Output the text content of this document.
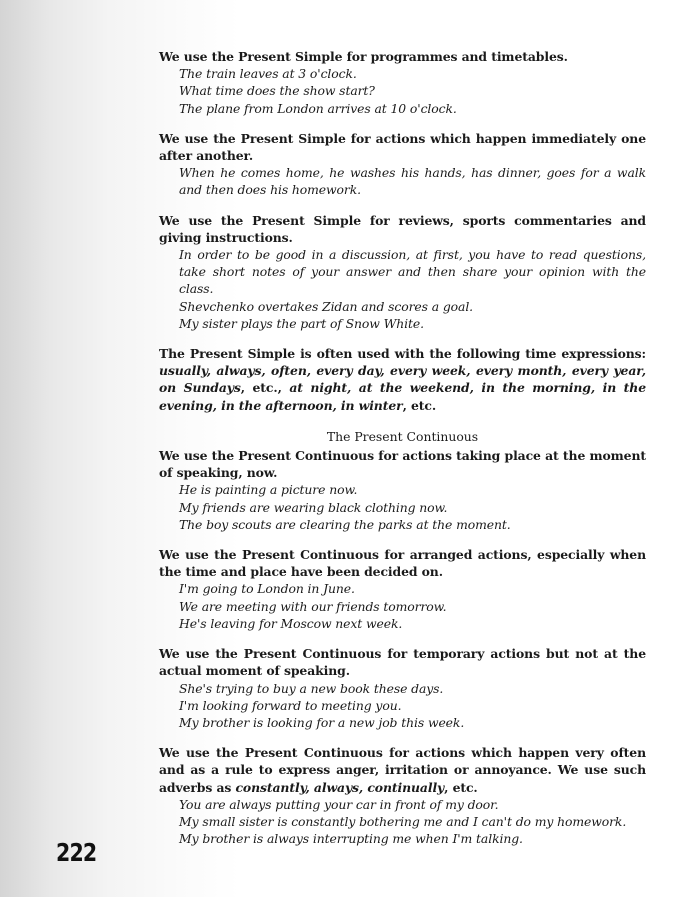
We use the Present Simple for programmes and timetables.

The train leaves at 3 o'clock.

What time does the show start?

The plane from London arrives at 10 o'clock.

We use the Present Simple for actions which happen immediately one after another.

When he comes home, he washes his hands, has dinner, goes for a walk and then does his homework.

We use the Present Simple for reviews, sports commentaries and giving instructions.

In order to be good in a discussion, at first, you have to read questions, take short notes of your answer and then share your opinion with the class.

Shevchenko overtakes Zidan and scores a goal.

My sister plays the part of Snow White.

The Present Simple is often used with the following time expressions: usually, always, often, every day, every week, every month, every year, on Sundays, etc., at night, at the weekend, in the morning, in the evening, in the afternoon, in winter, etc.

The Present Continuous

We use the Present Continuous for actions taking place at the moment of speaking, now.

He is painting a picture now.

My friends are wearing black clothing now.

The boy scouts are clearing the parks at the moment.

We use the Present Continuous for arranged actions, especially when the time and place have been decided on.

I'm going to London in June.

We are meeting with our friends tomorrow.

He's leaving for Moscow next week.

We use the Present Continuous for temporary actions but not at the actual moment of speaking.

She's trying to buy a new book these days.

I'm looking forward to meeting you.

My brother is looking for a new job this week.

We use the Present Continuous for actions which happen very often and as a rule to express anger, irritation or annoyance. We use such adverbs as constantly, always, continually, etc.

You are always putting your car in front of my door.

My small sister is constantly bothering me and I can't do my homework.

My brother is always interrupting me when I'm talking.

222
